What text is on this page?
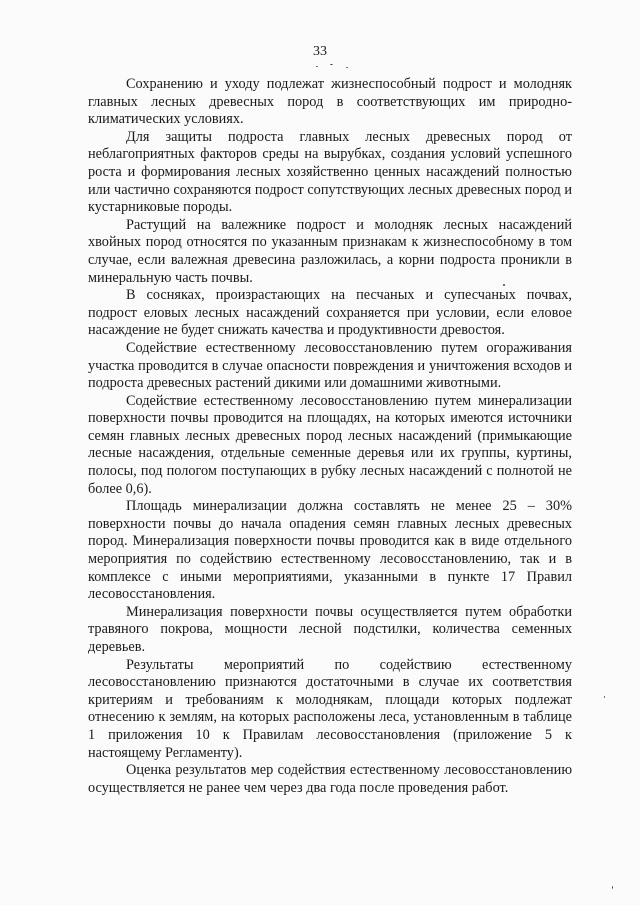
33

Сохранению и уходу подлежат жизнеспособный подрост и молодняк главных лесных древесных пород в соответствующих им природно-климатических условиях.

Для защиты подроста главных лесных древесных пород от неблагоприятных факторов среды на вырубках, создания условий успешного роста и формирования лесных хозяйственно ценных насаждений полностью или частично сохраняются подрост сопутствующих лесных древесных пород и кустарниковые породы.

Растущий на валежнике подрост и молодняк лесных насаждений хвойных пород относятся по указанным признакам к жизнеспособному в том случае, если валежная древесина разложилась, а корни подроста проникли в минеральную часть почвы.

В сосняках, произрастающих на песчаных и супесчаных почвах, подрост еловых лесных насаждений сохраняется при условии, если еловое насаждение не будет снижать качества и продуктивности древостоя.

Содействие естественному лесовосстановлению путем огораживания участка проводится в случае опасности повреждения и уничтожения всходов и подроста древесных растений дикими или домашними животными.

Содействие естественному лесовосстановлению путем минерализации поверхности почвы проводится на площадях, на которых имеются источники семян главных лесных древесных пород лесных насаждений (примыкающие лесные насаждения, отдельные семенные деревья или их группы, куртины, полосы, под пологом поступающих в рубку лесных насаждений с полнотой не более 0,6).

Площадь минерализации должна составлять не менее 25 – 30% поверхности почвы до начала опадения семян главных лесных древесных пород. Минерализация поверхности почвы проводится как в виде отдельного мероприятия по содействию естественному лесовосстановлению, так и в комплексе с иными мероприятиями, указанными в пункте 17 Правил лесовосстановления.

Минерализация поверхности почвы осуществляется путем обработки травяного покрова, мощности лесной подстилки, количества семенных деревьев.

Результаты мероприятий по содействию естественному лесовосстановлению признаются достаточными в случае их соответствия критериям и требованиям к молоднякам, площади которых подлежат отнесению к землям, на которых расположены леса, установленным в таблице 1 приложения 10 к Правилам лесовосстановления (приложение 5 к настоящему Регламенту).

Оценка результатов мер содействия естественному лесовосстановлению осуществляется не ранее чем через два года после проведения работ.
